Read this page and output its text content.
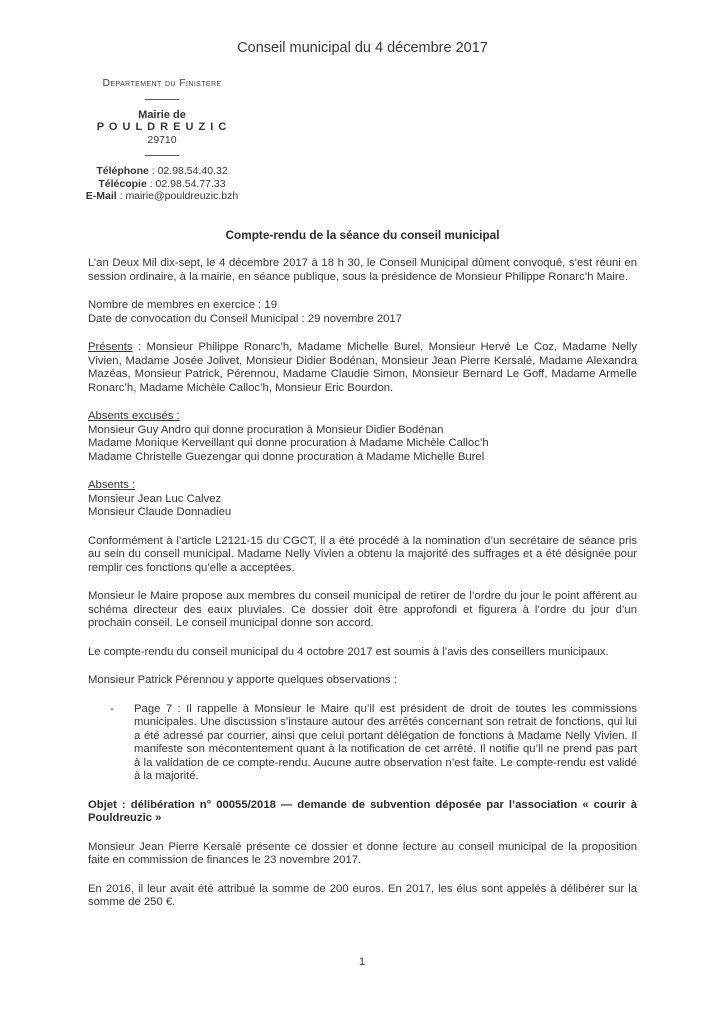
Conseil municipal du 4 décembre 2017
Departement du Finistere
Mairie de
P O U L D R E U Z I C
29710
Téléphone : 02.98.54.40.32
Télécopie : 02.98.54.77.33
E-Mail : mairie@pouldreuzic.bzh
Compte-rendu de la séance du conseil municipal

L’an Deux Mil dix-sept, le 4 décembre 2017 à 18 h 30, le Conseil Municipal dûment convoqué, s’est réuni en session ordinaire, à la mairie, en séance publique, sous la présidence de Monsieur Philippe Ronarc’h Maire.

Nombre de membres en exercice : 19
Date de convocation du Conseil Municipal : 29 novembre 2017

Présents : Monsieur Philippe Ronarc’h, Madame Michelle Burel, Monsieur Hervé Le Coz, Madame Nelly Vivien, Madame Josée Jolivet, Monsieur Didier Bodénan, Monsieur Jean Pierre Kersalé, Madame Alexandra Mazéas, Monsieur Patrick, Pérennou, Madame Claudie Simon, Monsieur Bernard Le Goff, Madame Armelle Ronarc’h, Madame Michèle Calloc’h, Monsieur Eric Bourdon.

Absents excusés :
Monsieur Guy Andro qui donne procuration à Monsieur Didier Bodénan
Madame Monique Kerveillant qui donne procuration à Madame Michèle Calloc’h
Madame Christelle Guezengar qui donne procuration à Madame Michelle Burel
Absents :
Monsieur Jean Luc Calvez
Monsieur Claude Donnadieu

Conformément à l’article L2121-15 du CGCT, il a été procédé à la nomination d’un secrétaire de séance pris au sein du conseil municipal. Madame Nelly Vivien a obtenu la majorité des suffrages et a été désignée pour remplir ces fonctions qu’elle a acceptées.

Monsieur le Maire propose aux membres du conseil municipal de retirer de l’ordre du jour le point afférent au schéma directeur des eaux pluviales. Ce dossier doit être approfondi et figurera à l’ordre du jour d’un prochain conseil. Le conseil municipal donne son accord.

Le compte-rendu du conseil municipal du 4 octobre 2017 est soumis à l’avis des conseillers municipaux.

Monsieur Patrick Pérennou y apporte quelques observations :

-	Page 7 : Il rappelle à Monsieur le Maire qu’il est président de droit de toutes les commissions municipales. Une discussion s’instaure autour des arrêtés concernant son retrait de fonctions, qui lui a été adressé par courrier, ainsi que celui portant délégation de fonctions à Madame Nelly Vivien. Il manifeste son mécontentement quant à la notification de cet arrêté. Il notifie qu’il ne prend pas part à la validation de ce compte-rendu. Aucune autre observation n’est faite. Le compte-rendu est validé à la majorité.
Objet : délibération n° 00055/2018 — demande de subvention déposée par l’association « courir à Pouldreuzic »

Monsieur Jean Pierre Kersalé présente ce dossier et donne lecture au conseil municipal de la proposition faite en commission de finances le 23 novembre 2017.

En 2016, il leur avait été attribué la somme de 200 euros. En 2017, les élus sont appelés à délibérer sur la somme de 250 €.

1
